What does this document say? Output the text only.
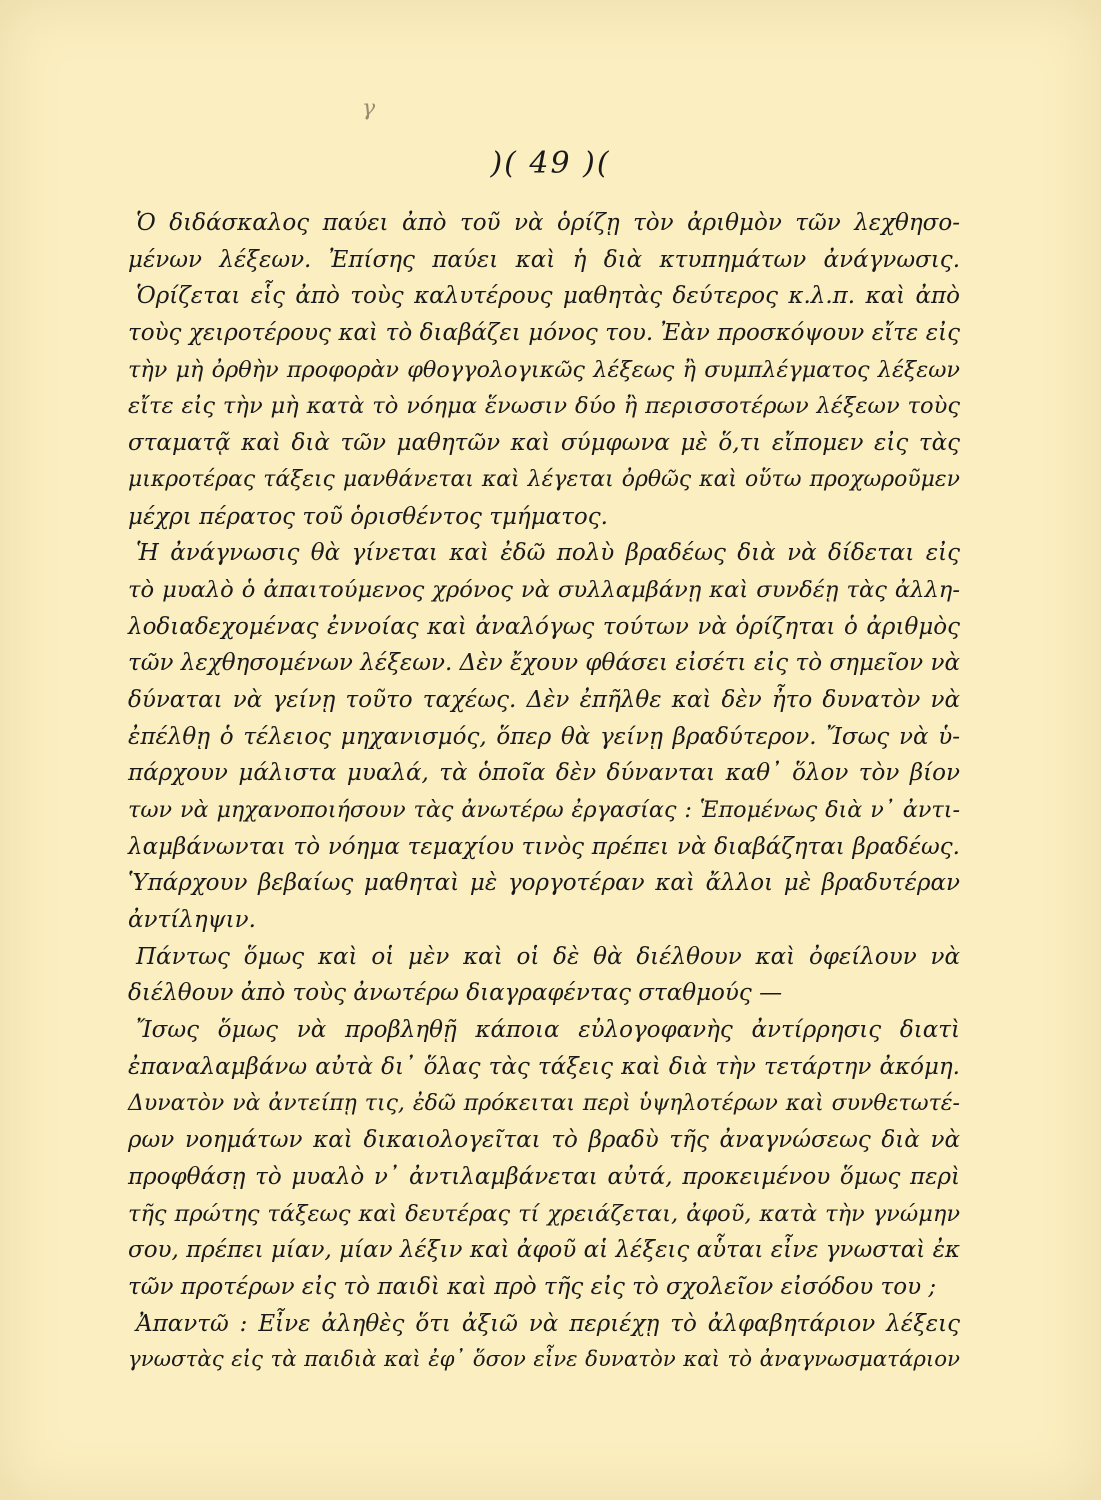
γ
)( 49 )(
Ὁ διδάσκαλος παύει ἀπὸ τοῦ νὰ ὁρίζῃ τὸν ἀριθμὸν τῶν λεχθησο-
μένων λέξεων. Ἐπίσης παύει καὶ ἡ διὰ κτυπημάτων ἀνάγνωσις.
Ὁρίζεται εἷς ἀπὸ τοὺς καλυτέρους μαθητὰς δεύτερος κ.λ.π. καὶ ἀπὸ
τοὺς χειροτέρους καὶ τὸ διαβάζει μόνος του. Ἐὰν προσκόψουν εἴτε εἰς
τὴν μὴ ὀρθὴν προφορὰν φθογγολογικῶς λέξεως ἢ συμπλέγματος λέξεων
εἴτε εἰς τὴν μὴ κατὰ τὸ νόημα ἕνωσιν δύο ἢ περισσοτέρων λέξεων τοὺς
σταματᾷ καὶ διὰ τῶν μαθητῶν καὶ σύμφωνα μὲ ὅ,τι εἴπομεν εἰς τὰς
μικροτέρας τάξεις μανθάνεται καὶ λέγεται ὀρθῶς καὶ οὕτω προχωροῦμεν
μέχρι πέρατος τοῦ ὁρισθέντος τμήματος.
Ἡ ἀνάγνωσις θὰ γίνεται καὶ ἐδῶ πολὺ βραδέως διὰ νὰ δίδεται εἰς
τὸ μυαλὸ ὁ ἀπαιτούμενος χρόνος νὰ συλλαμβάνῃ καὶ συνδέῃ τὰς ἀλλη-
λοδιαδεχομένας ἐννοίας καὶ ἀναλόγως τούτων νὰ ὁρίζηται ὁ ἀριθμὸς
τῶν λεχθησομένων λέξεων. Δὲν ἔχουν φθάσει εἰσέτι εἰς τὸ σημεῖον νὰ
δύναται νὰ γείνῃ τοῦτο ταχέως. Δὲν ἐπῆλθε καὶ δὲν ἦτο δυνατὸν νὰ
ἐπέλθῃ ὁ τέλειος μηχανισμός, ὅπερ θὰ γείνῃ βραδύτερον. Ἴσως νὰ ὑ-
πάρχουν μάλιστα μυαλά, τὰ ὁποῖα δὲν δύνανται καθ᾽ ὅλον τὸν βίον
των νὰ μηχανοποιήσουν τὰς ἀνωτέρω ἐργασίας : Ἑπομένως διὰ ν᾽ ἀντι-
λαμβάνωνται τὸ νόημα τεμαχίου τινὸς πρέπει νὰ διαβάζηται βραδέως.
Ὑπάρχουν βεβαίως μαθηταὶ μὲ γοργοτέραν καὶ ἄλλοι μὲ βραδυτέραν
ἀντίληψιν.
Πάντως ὅμως καὶ οἱ μὲν καὶ οἱ δὲ θὰ διέλθουν καὶ ὀφείλουν νὰ
διέλθουν ἀπὸ τοὺς ἀνωτέρω διαγραφέντας σταθμούς —
Ἴσως ὅμως νὰ προβληθῇ κάποια εὐλογοφανὴς ἀντίρρησις διατὶ
ἐπαναλαμβάνω αὐτὰ δι᾽ ὅλας τὰς τάξεις καὶ διὰ τὴν τετάρτην ἀκόμη.
Δυνατὸν νὰ ἀντείπῃ τις, ἐδῶ πρόκειται περὶ ὑψηλοτέρων καὶ συνθετωτέ-
ρων νοημάτων καὶ δικαιολογεῖται τὸ βραδὺ τῆς ἀναγνώσεως διὰ νὰ
προφθάσῃ τὸ μυαλὸ ν᾽ ἀντιλαμβάνεται αὐτά, προκειμένου ὅμως περὶ
τῆς πρώτης τάξεως καὶ δευτέρας τί χρειάζεται, ἀφοῦ, κατὰ τὴν γνώμην
σου, πρέπει μίαν, μίαν λέξιν καὶ ἀφοῦ αἱ λέξεις αὗται εἶνε γνωσταὶ ἐκ
τῶν προτέρων εἰς τὸ παιδὶ καὶ πρὸ τῆς εἰς τὸ σχολεῖον εἰσόδου του ;
Ἀπαντῶ : Εἶνε ἀληθὲς ὅτι ἀξιῶ νὰ περιέχῃ τὸ ἀλφαβητάριον λέξεις
γνωστὰς εἰς τὰ παιδιὰ καὶ ἐφ᾽ ὅσον εἶνε δυνατὸν καὶ τὸ ἀναγνωσματάριον
